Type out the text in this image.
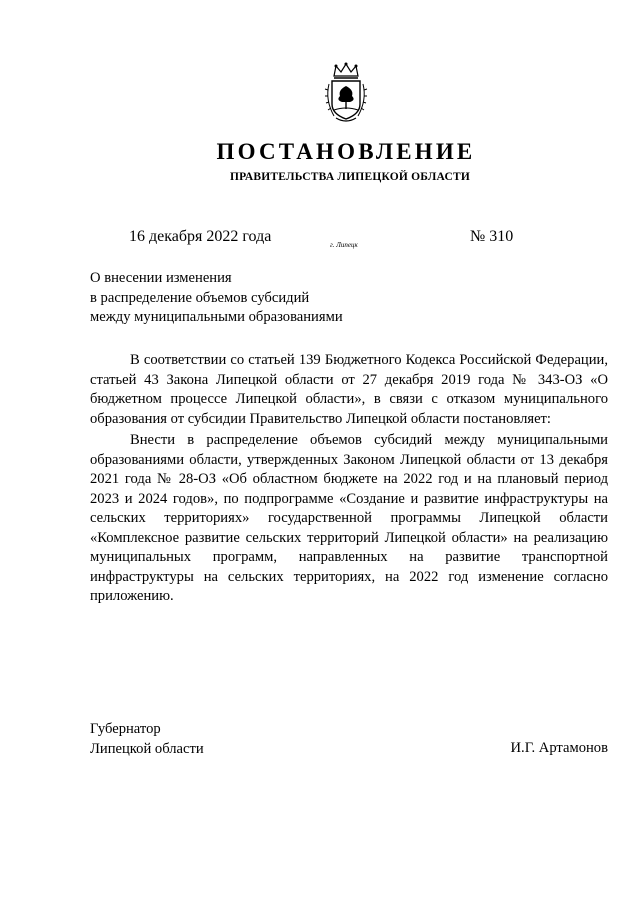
ПОСТАНОВЛЕНИЕ
ПРАВИТЕЛЬСТВА ЛИПЕЦКОЙ ОБЛАСТИ
16 декабря 2022 года	г. Липецк	№ 310
О внесении изменения
в распределение объемов субсидий
между муниципальными образованиями

В соответствии со статьей 139 Бюджетного Кодекса Российской Федерации, статьей 43 Закона Липецкой области от 27 декабря 2019 года № 343-ОЗ «О бюджетном процессе Липецкой области», в связи с отказом муниципального образования от субсидии Правительство Липецкой области постановляет:

Внести в распределение объемов субсидий между муниципальными образованиями области, утвержденных Законом Липецкой области от 13 декабря 2021 года № 28-ОЗ «Об областном бюджете на 2022 год и на плановый период 2023 и 2024 годов», по подпрограмме «Создание и развитие инфраструктуры на сельских территориях» государственной программы Липецкой области «Комплексное развитие сельских территорий Липецкой области» на реализацию муниципальных программ, направленных на развитие транспортной инфраструктуры на сельских территориях, на 2022 год изменение согласно приложению.

Губернатор
Липецкой области	И.Г. Артамонов
